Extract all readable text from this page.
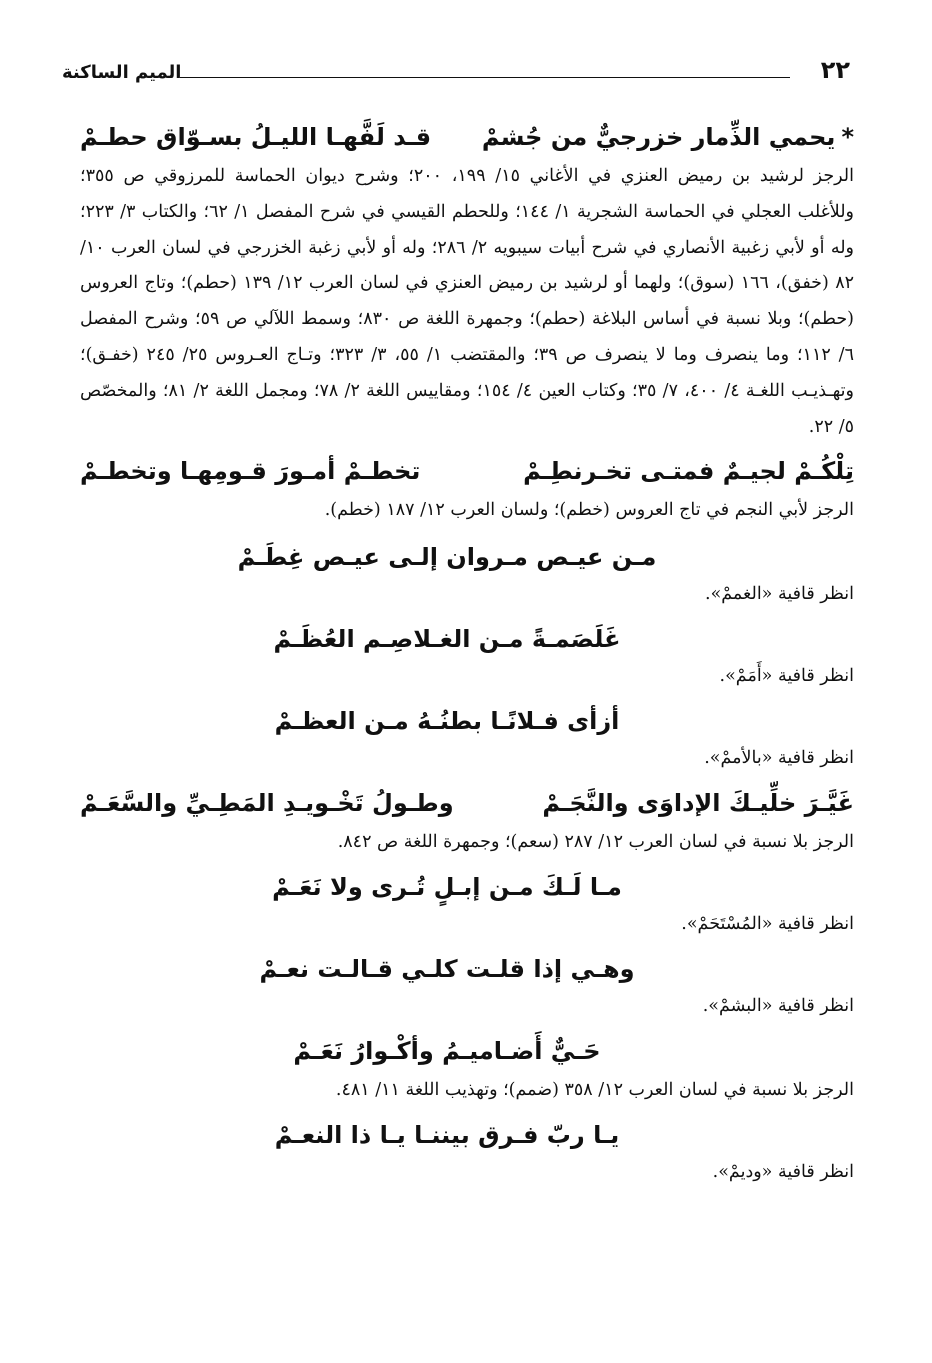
الميم الساكنة	٢٢
*يحمي الذِّمار خزرجيٌّ من جُشمْ
قـد لَفَّهـا الليـلُ بسـوّاق حطـمْ

الرجز لرشيد بن رميض العنزي في الأغاني ١٥/ ١٩٩، ٢٠٠؛ وشرح ديوان الحماسة للمرزوقي ص ٣٥٥؛ وللأغلب العجلي في الحماسة الشجرية ١/ ١٤٤؛ وللحطم القيسي في شرح المفصل ١/ ٦٢؛ والكتاب ٣/ ٢٢٣؛ وله أو لأبي زغبية الأنصاري في شرح أبيات سيبويه ٢/ ٢٨٦؛ وله أو لأبي زغبة الخزرجي في لسان العرب ١٠/ ٨٢ (خفق)، ١٦٦ (سوق)؛ ولهما أو لرشيد بن رميض العنزي في لسان العرب ١٢/ ١٣٩ (حطم)؛ وتاج العروس (حطم)؛ وبلا نسبة في أساس البلاغة (حطم)؛ وجمهرة اللغة ص ٨٣٠؛ وسمط اللآلي ص ٥٩؛ وشرح المفصل ٦/ ١١٢؛ وما ينصرف وما لا ينصرف ص ٣٩؛ والمقتضب ١/ ٥٥، ٣/ ٣٢٣؛ وتـاج العـروس ٢٥/ ٢٤٥ (خفـق)؛ وتهـذيـب اللغـة ٤/ ٤٠٠، ٧/ ٣٥؛ وكتاب العين ٤/ ١٥٤؛ ومقاييس اللغة ٢/ ٧٨؛ ومجمل اللغة ٢/ ٨١؛ والمخصّص ٥/ ٢٢.

تِلْكُـمْ لجيـمٌ فمتـى تخـرنطِـمْ
تخطـمْ أمـورَ قـومِهـا وتخطـمْ

الرجز لأبي النجم في تاج العروس (خطم)؛ ولسان العرب ١٢/ ١٨٧ (خطم).

مـن عيـص مـروان إلـى عيـص غِطَـمْ

انظر قافية «الغممْ».

غَلَصَمـةً مـن الغـلاصِـم العُظَـمْ

انظر قافية «أَمَمْ».

أزأى فـلانًـا بطنُـهُ مـن العظـمْ

انظر قافية «بالأممْ».

غَيَّـرَ خلِّيـكَ الإداوَى والنَّجَـمْ
وطـولُ تَخْـويـدِ المَطِـيِّ والسَّعَـمْ

الرجز بلا نسبة في لسان العرب ١٢/ ٢٨٧ (سعم)؛ وجمهرة اللغة ص ٨٤٢.

مـا لَـكَ مـن إبـلٍ تُـرى ولا نَعَـمْ

انظر قافية «المُسْتَحَمْ».

وهـي إذا قلـت كلـي قـالـت نعـمْ

انظر قافية «البشمْ».

حَـيٌّ أَضـاميـمُ وأكْـوارُ نَعَـمْ

الرجز بلا نسبة في لسان العرب ١٢/ ٣٥٨ (ضمم)؛ وتهذيب اللغة ١١/ ٤٨١.

يـا ربّ فـرق بيننـا يـا ذا النعـمْ

انظر قافية «وديمْ».
